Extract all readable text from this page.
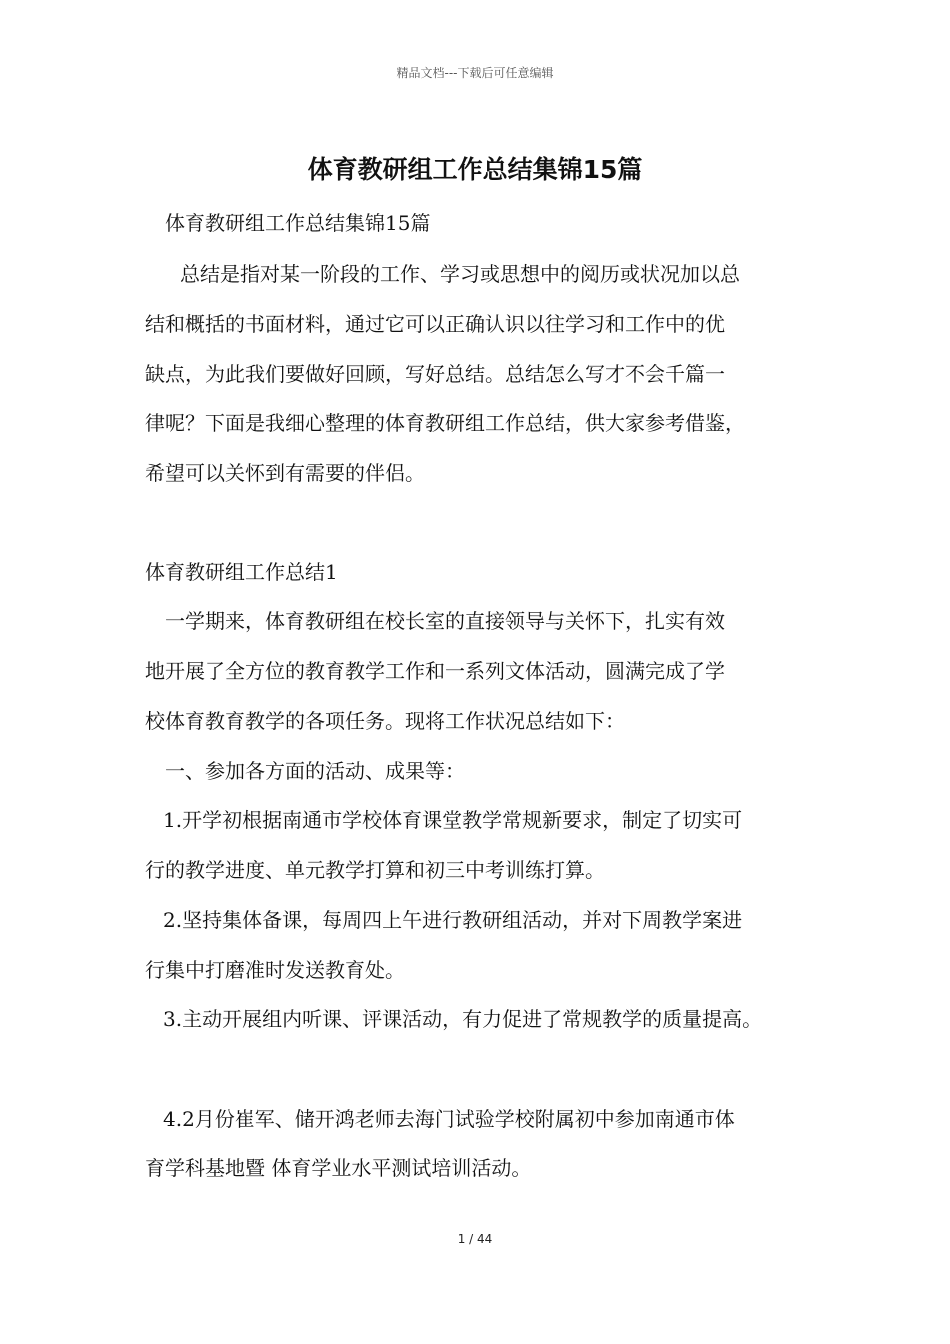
精品文档---下载后可任意编辑
体育教研组工作总结集锦15篇
体育教研组工作总结集锦15篇
总结是指对某一阶段的工作、学习或思想中的阅历或状况加以总
结和概括的书面材料，通过它可以正确认识以往学习和工作中的优
缺点，为此我们要做好回顾，写好总结。总结怎么写才不会千篇一
律呢？下面是我细心整理的体育教研组工作总结，供大家参考借鉴，
希望可以关怀到有需要的伴侣。
体育教研组工作总结1
一学期来，体育教研组在校长室的直接领导与关怀下，扎实有效
地开展了全方位的教育教学工作和一系列文体活动，圆满完成了学
校体育教育教学的各项任务。现将工作状况总结如下：
一、参加各方面的活动、成果等：
1.开学初根据南通市学校体育课堂教学常规新要求，制定了切实可
行的教学进度、单元教学打算和初三中考训练打算。
2.坚持集体备课，每周四上午进行教研组活动，并对下周教学案进
行集中打磨准时发送教育处。
3.主动开展组内听课、评课活动，有力促进了常规教学的质量提高。
4.2月份崔军、储开鸿老师去海门试验学校附属初中参加南通市体
育学科基地暨 体育学业水平测试培训活动。
1 / 44
